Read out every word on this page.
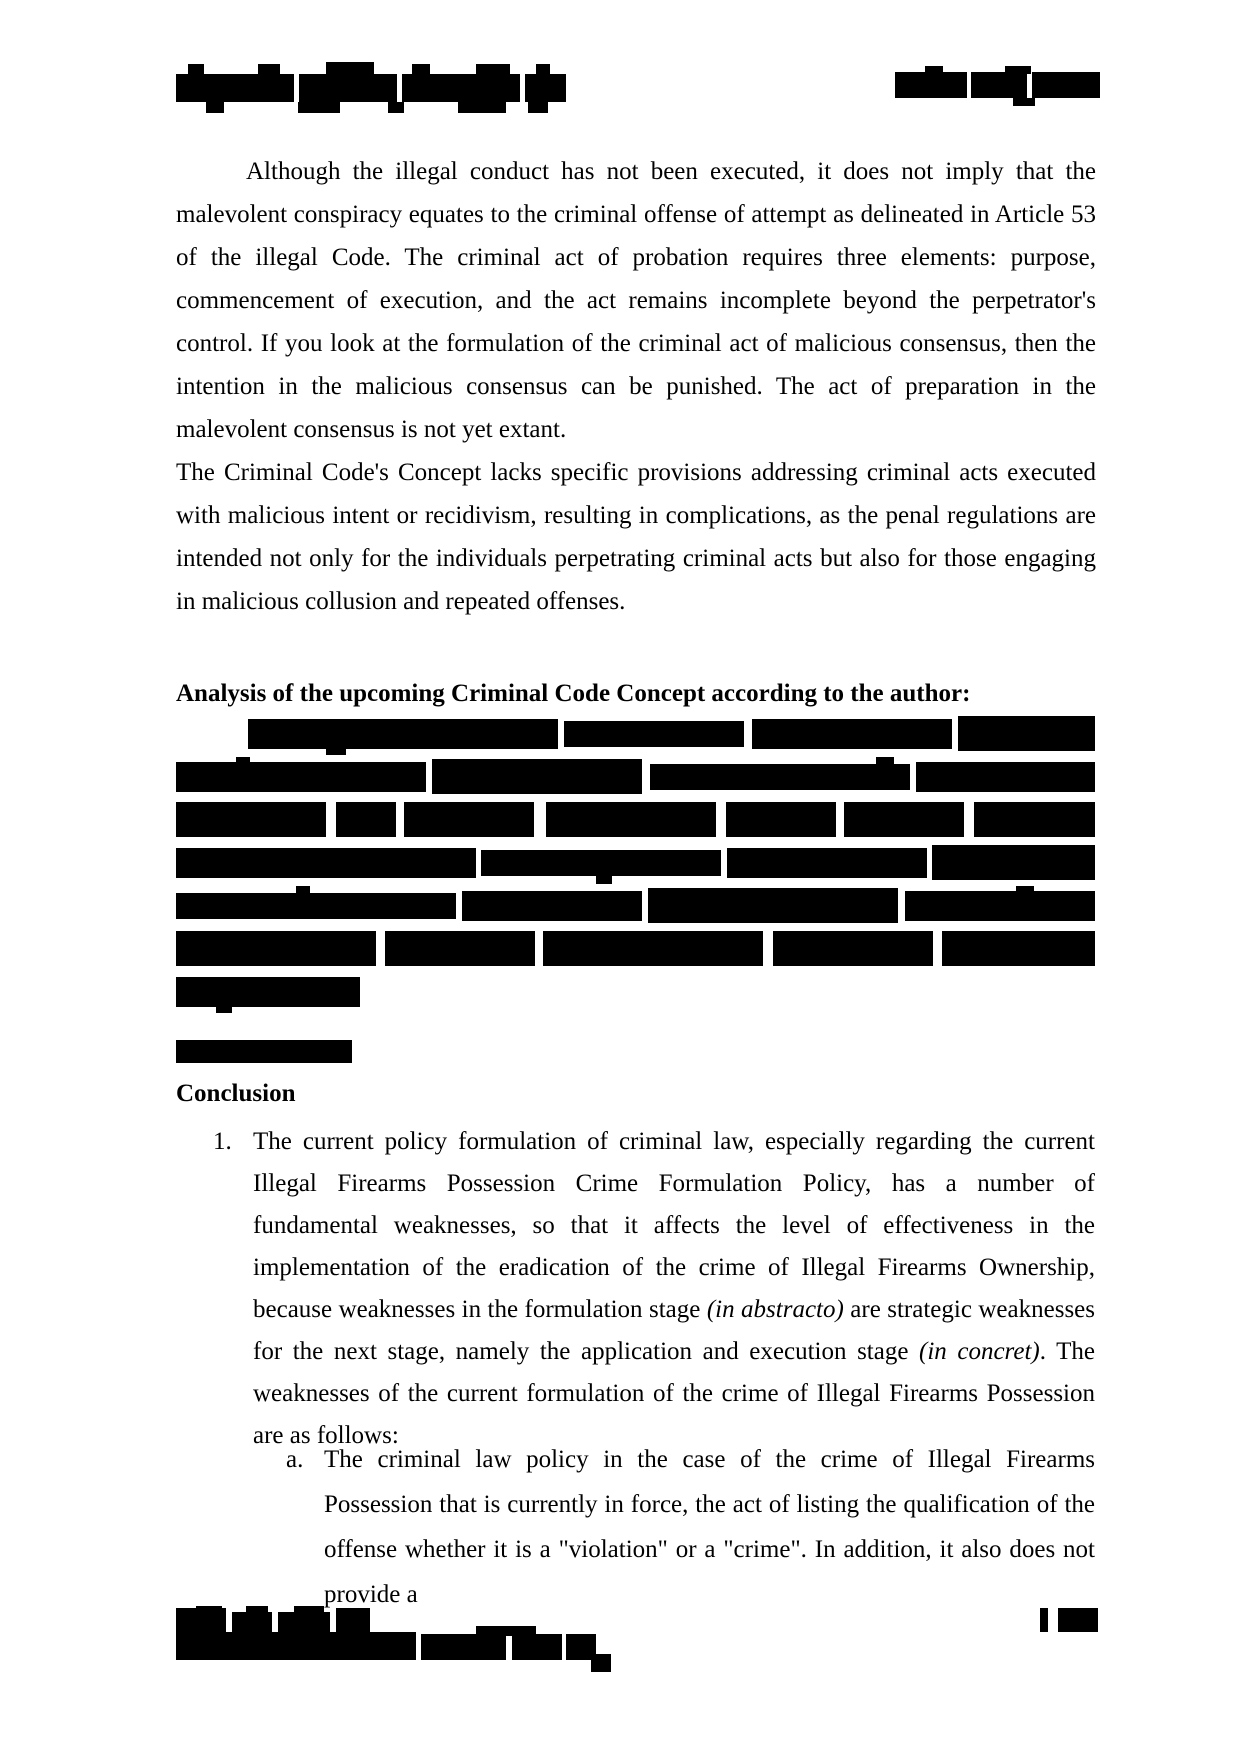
Although the illegal conduct has not been executed, it does not imply that the malevolent conspiracy equates to the criminal offense of attempt as delineated in Article 53 of the illegal Code. The criminal act of probation requires three elements: purpose, commencement of execution, and the act remains incomplete beyond the perpetrator's control. If you look at the formulation of the criminal act of malicious consensus, then the intention in the malicious consensus can be punished. The act of preparation in the malevolent consensus is not yet extant.

The Criminal Code's Concept lacks specific provisions addressing criminal acts executed with malicious intent or recidivism, resulting in complications, as the penal regulations are intended not only for the individuals perpetrating criminal acts but also for those engaging in malicious collusion and repeated offenses.

Analysis of the upcoming Criminal Code Concept according to the author:
Conclusion
1. The current policy formulation of criminal law, especially regarding the current Illegal Firearms Possession Crime Formulation Policy, has a number of fundamental weaknesses, so that it affects the level of effectiveness in the implementation of the eradication of the crime of Illegal Firearms Ownership, because weaknesses in the formulation stage (in abstracto) are strategic weaknesses for the next stage, namely the application and execution stage (in concret). The weaknesses of the current formulation of the crime of Illegal Firearms Possession are as follows:
a. The criminal law policy in the case of the crime of Illegal Firearms Possession that is currently in force, the act of listing the qualification of the offense whether it is a "violation" or a "crime". In addition, it also does not provide a
